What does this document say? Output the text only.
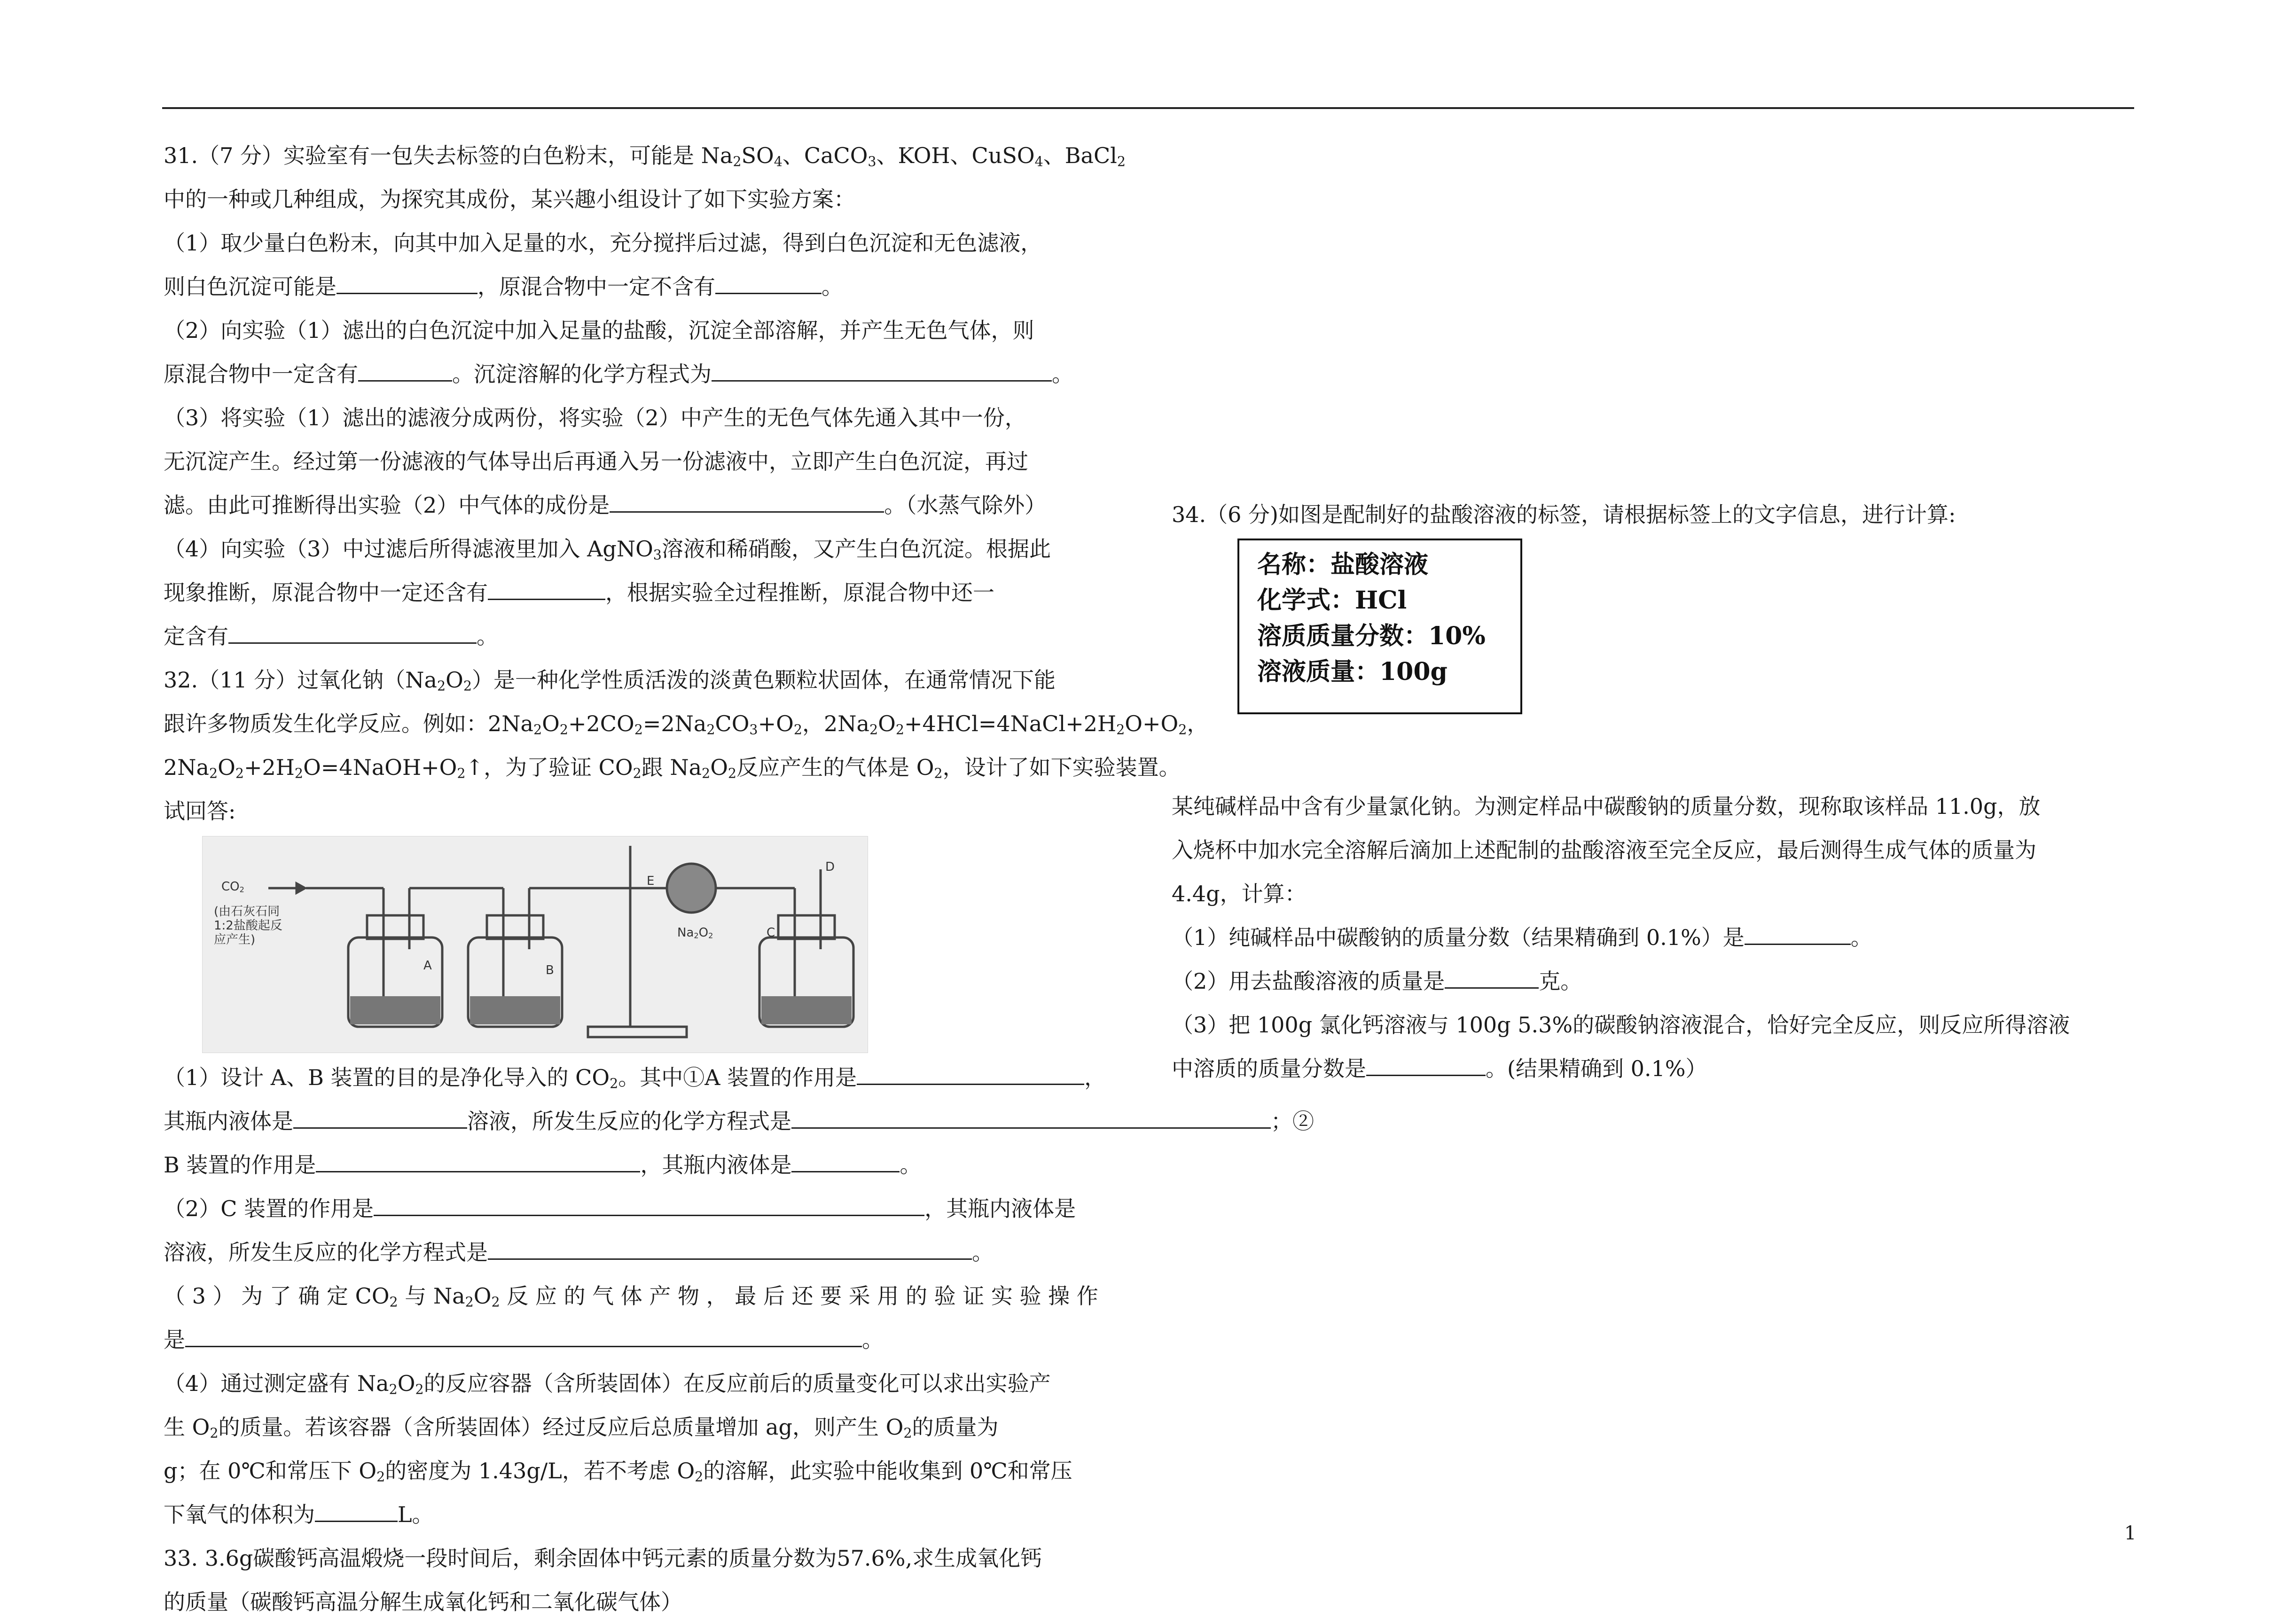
31.（7 分）实验室有一包失去标签的白色粉末，可能是 $Na_2SO_4$、CaCO$_3$、KOH、CuSO$_4$、BaCl$_2$

中的一种或几种组成，为探究其成份，某兴趣小组设计了如下实验方案：

（1）取少量白色粉末，向其中加入足量的水，充分搅拌后过滤，得到白色沉淀和无色滤液，

则白色沉淀可能是	，原混合物中一定不含有	。

（2）向实验（1）滤出的白色沉淀中加入足量的盐酸，沉淀全部溶解，并产生无色气体，则

原混合物中一定含有	。沉淀溶解的化学方程式为	。

（3）将实验（1）滤出的滤液分成两份，将实验（2）中产生的无色气体先通入其中一份，

无沉淀产生。经过第一份滤液的气体导出后再通入另一份滤液中，立即产生白色沉淀，再过

滤。由此可推断得出实验（2）中气体的成份是	。（水蒸气除外）

（4）向实验（3）中过滤后所得滤液里加入 AgNO$_3$溶液和稀硝酸，又产生白色沉淀。根据此

现象推断，原混合物中一定还含有	，根据实验全过程推断，原混合物中还一

定含有	。

32.（11 分）过氧化钠$(Na_2O_2)$是一种化学性质活泼的淡黄色颗粒状固体，在通常情况下能

跟许多物质发生化学反应。例如：$2Na_2O_2+2CO_2=2Na_2CO_3+O_2$，$2Na_2O_2+4HCl=4NaCl+2H_2O+O_2$，

$2Na_2O_2+2H_2O=4NaOH+O_2↑$，为了验证 $CO_2$跟 $Na_2O_2$反应产生的气体是 $O_2$，设计了如下实验装置。

试回答:

$CO_2$
(由石灰石同
1:2盐酸起反
应产生)
A	B
C
D
E
$Na_2O_2$

（1）设计 A、B 装置的目的是净化导入的 $CO_2$。其中①A 装置的作用是	，

其瓶内液体是	溶液，所发生反应的化学方程式是	；②

B 装置的作用是	，其瓶内液体是	。

（2）C 装置的作用是	，其瓶内液体是

溶液，所发生反应的化学方程式是	。

（ 3 ） 为 了 确 定 $CO_2$ 与 $Na_2O_2$ 反 应 的 气 体 产 物 ， 最 后 还 要 采 用 的 验 证 实 验 操 作

是	。

（4）通过测定盛有 $Na_2O_2$的反应容器（含所装固体）在反应前后的质量变化可以求出实验产

生 $O_2$的质量。若该容器（含所装固体）经过反应后总质量增加 ag，则产生 $O_2$的质量为

g；在 0℃和常压下 $O_2$的密度为 1.43g/L，若不考虑 $O_2$的溶解，此实验中能收集到 0℃和常压

下氧气的体积为	L。

33. 3.6g碳酸钙高温煅烧一段时间后，剩余固体中钙元素的质量分数为57.6%,求生成氧化钙

的质量（碳酸钙高温分解生成氧化钙和二氧化碳气体）

34.（6 分)如图是配制好的盐酸溶液的标签，请根据标签上的文字信息，进行计算:

名称：盐酸溶液
化学式：HCl
溶质质量分数：10%
溶液质量：100g

某纯碱样品中含有少量氯化钠。为测定样品中碳酸钠的质量分数，现称取该样品 11.0g，放

入烧杯中加水完全溶解后滴加上述配制的盐酸溶液至完全反应，最后测得生成气体的质量为

4.4g，计算：

（1）纯碱样品中碳酸钠的质量分数（结果精确到 0.1%）是	。

（2）用去盐酸溶液的质量是	克。

（3）把 100g 氯化钙溶液与 100g 5.3%的碳酸钠溶液混合，恰好完全反应，则反应所得溶液

中溶质的质量分数是	。(结果精确到 0.1%）

1
